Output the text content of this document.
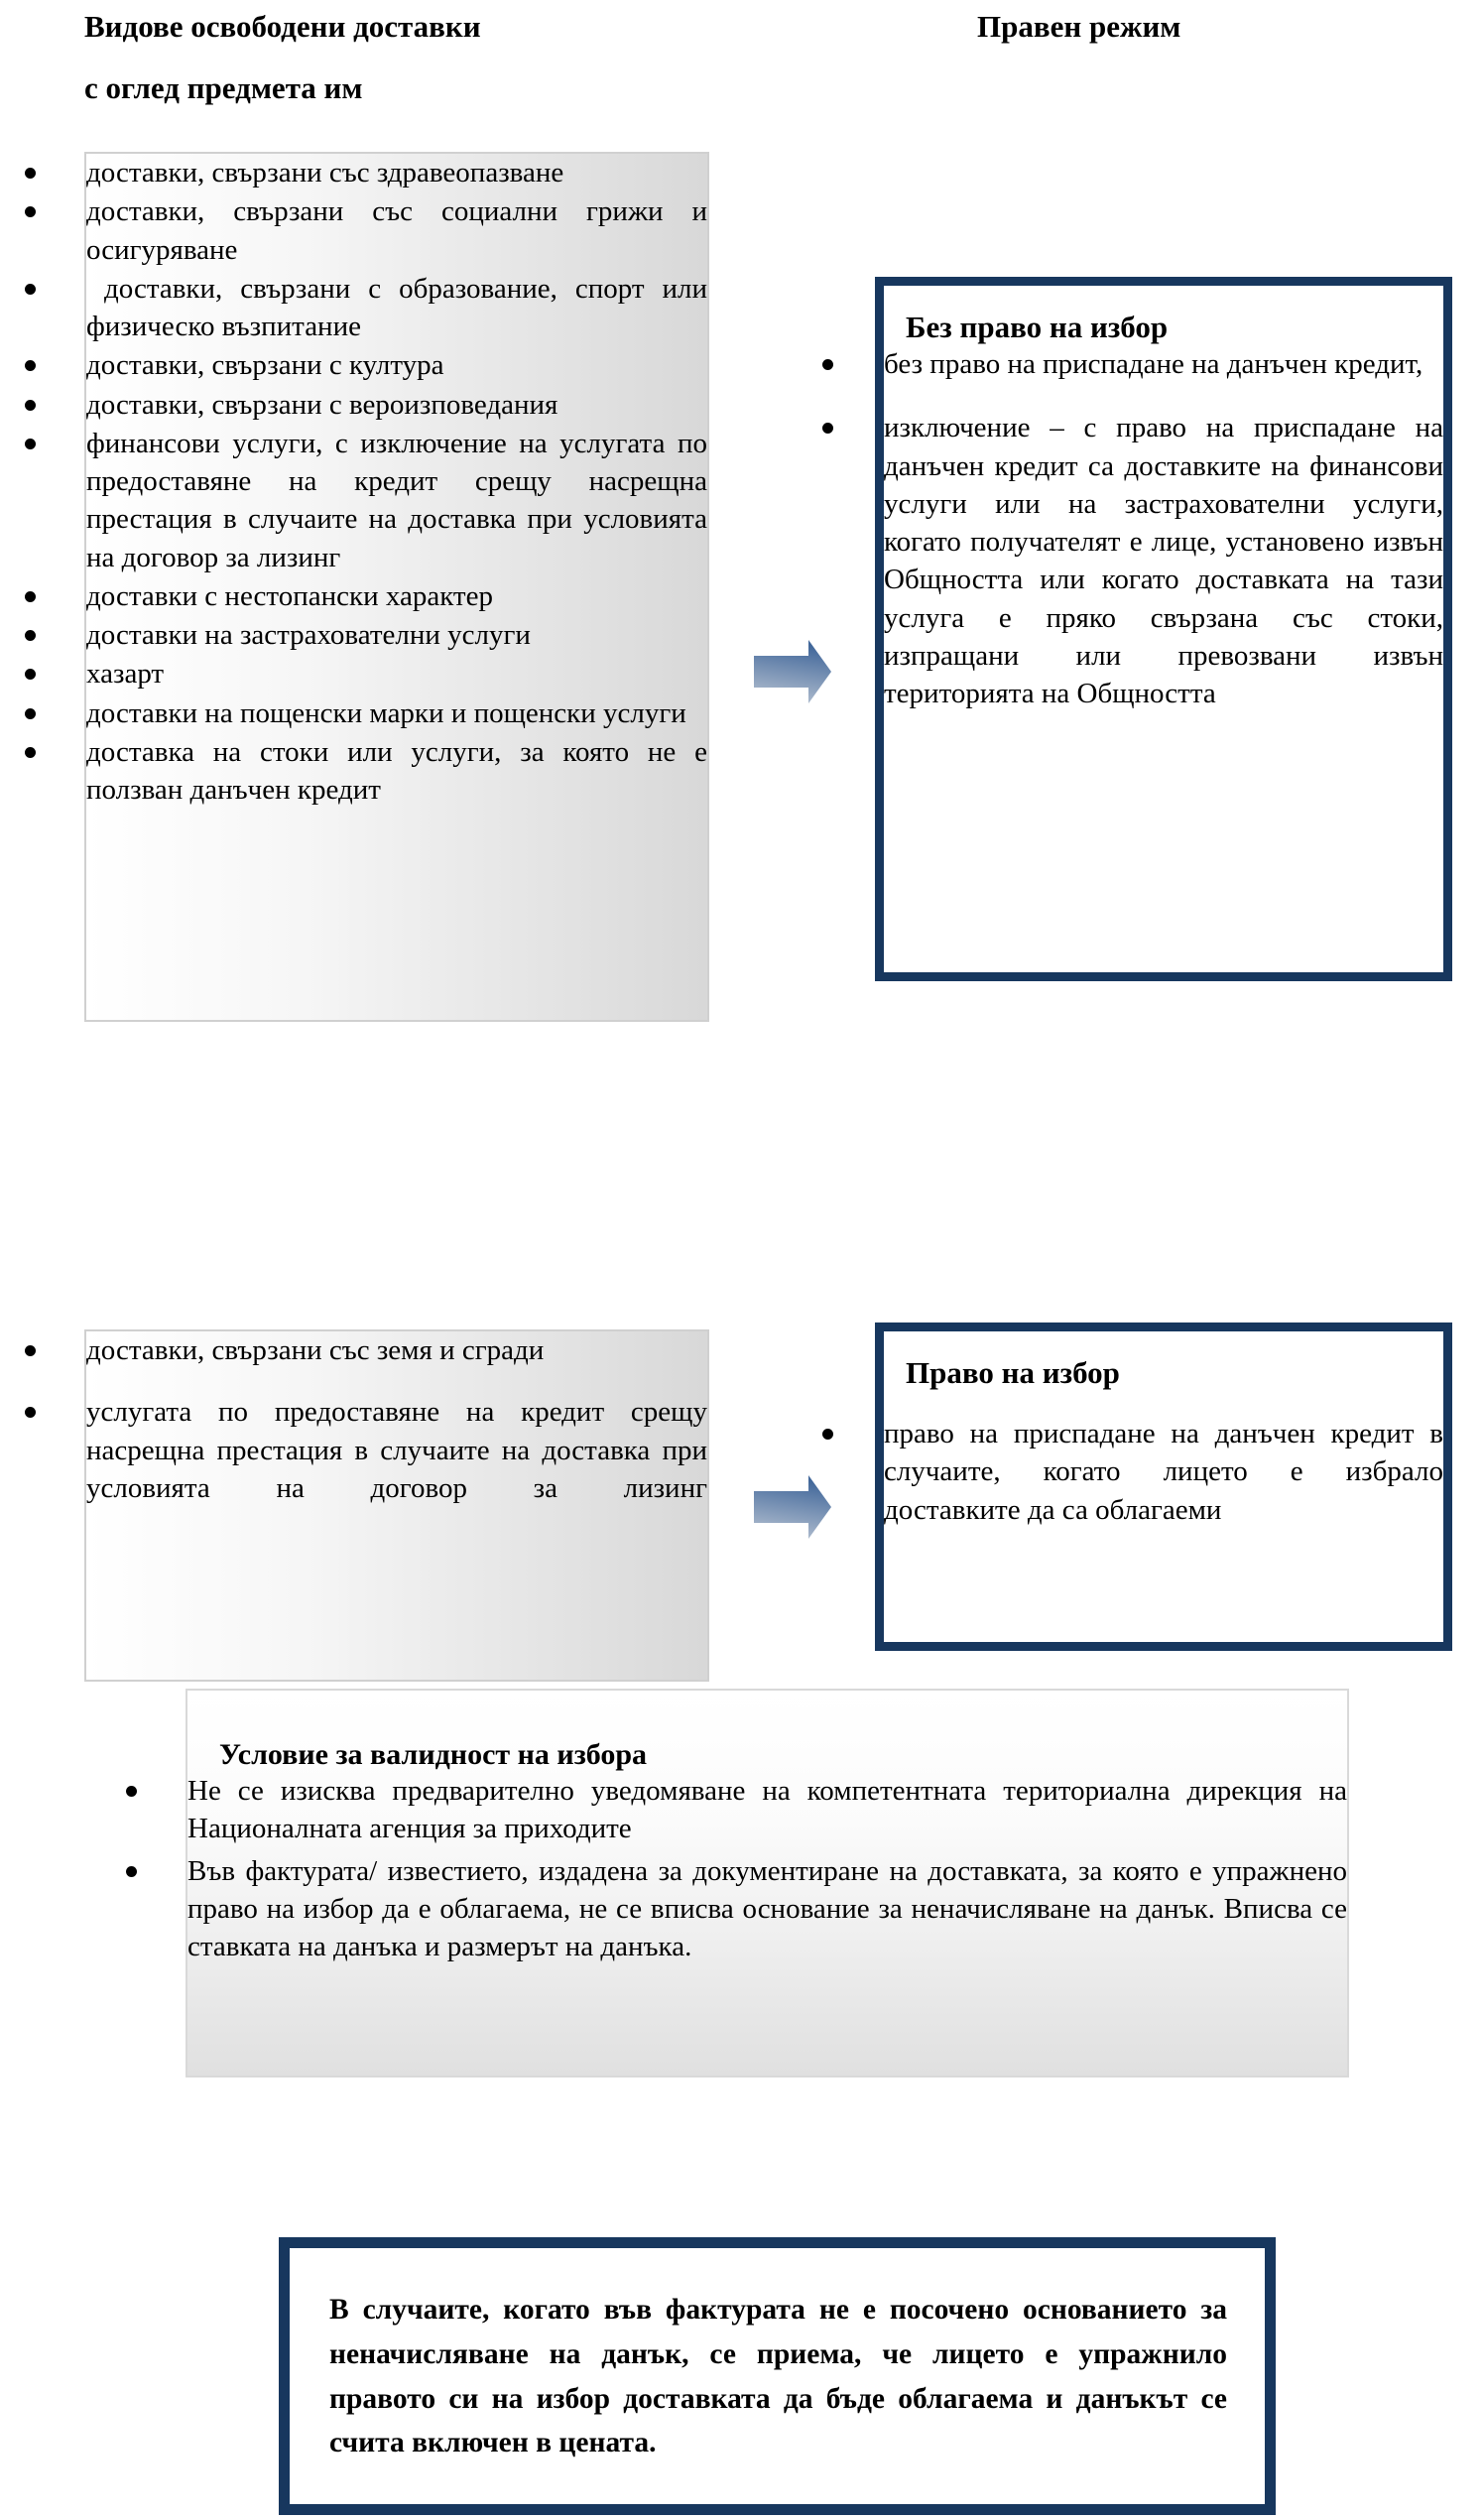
Видове освободени доставки
с оглед предмета им
Правен режим
доставки, свързани със здравеопазване
доставки, свързани със социални грижи и осигуряване
доставки, свързани с образование, спорт или физическо възпитание
доставки, свързани с култура
доставки, свързани с вероизповедания
финансови услуги, с изключение на услугата по предоставяне на кредит срещу насрещна престация в случаите на доставка при условията на договор за лизинг
доставки с нестопански характер
доставки на застрахователни услуги
хазарт
доставки на пощенски марки и пощенски услуги
доставка на стоки или услуги, за която не е ползван данъчен кредит
Без право на избор
без право на приспадане на данъчен кредит,
изключение – с право на приспадане на данъчен кредит са доставките на финансови услуги или на застрахователни услуги, когато получателят е лице, установено извън Общността или когато доставката на тази услуга е пряко свързана със стоки, изпращани или превозвани извън територията на Общността
доставки, свързани със земя и сгради
услугата по предоставяне на кредит срещу насрещна престация в случаите на доставка при условията на договор за лизинг
Право на избор
право на приспадане на данъчен кредит в случаите, когато лицето е избрало доставките да са облагаеми
Условие за валидност на избора
Не се изисква предварително уведомяване на компетентната териториална дирекция на Националната агенция за приходите
Във фактурата/ известието, издадена за документиране на доставката, за която е упражнено право на избор да е облагаема, не се вписва основание за неначисляване на данък. Вписва се ставката на данъка и размерът на данъка.
В случаите, когато във фактурата не е посочено основанието за неначисляване на данък, се приема, че лицето е упражнило правото си на избор доставката да бъде облагаема и данъкът се счита включен в цената.
